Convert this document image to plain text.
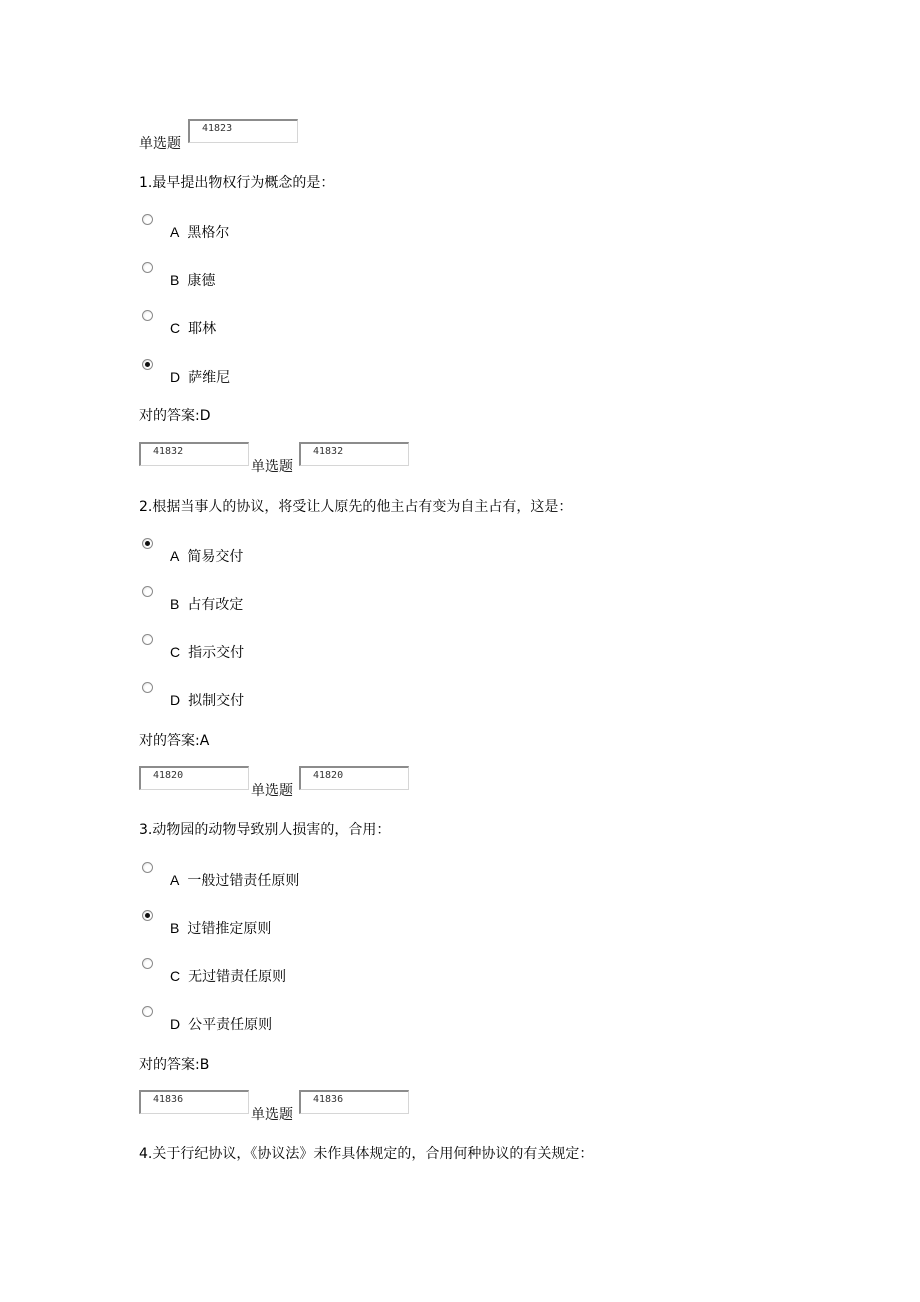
单选题
41823
1.最早提出物权行为概念的是：
A 黑格尔
B 康德
C 耶林
D 萨维尼
对的答案:D
41832
单选题
41832
2.根据当事人的协议，将受让人原先的他主占有变为自主占有，这是：
A 简易交付
B 占有改定
C 指示交付
D 拟制交付
对的答案:A
41820
单选题
41820
3.动物园的动物导致别人损害的，合用：
A 一般过错责任原则
B 过错推定原则
C 无过错责任原则
D 公平责任原则
对的答案:B
41836
单选题
41836
4.关于行纪协议，《协议法》未作具体规定的，合用何种协议的有关规定：
